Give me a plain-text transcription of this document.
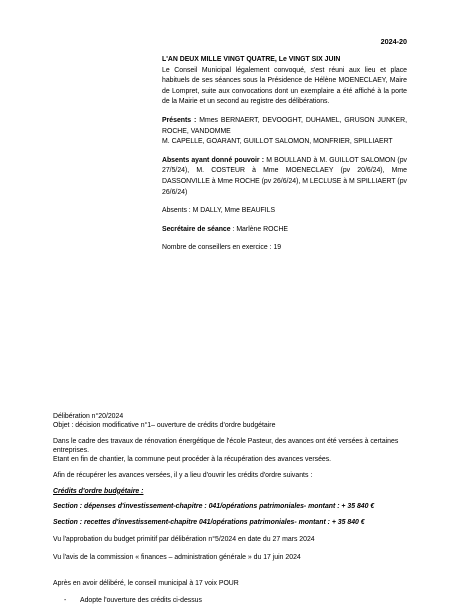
2024-20

L'AN DEUX MILLE VINGT QUATRE, Le VINGT SIX JUIN

Le Conseil Municipal légalement convoqué, s'est réuni aux lieu et place habituels de ses séances sous la Présidence de Hélène MOENECLAEY, Maire de Lompret, suite aux convocations dont un exemplaire a été affiché à la porte de la Mairie et un second au registre des délibérations.

Présents : Mmes BERNAERT, DEVOOGHT, DUHAMEL, GRUSON JUNKER, ROCHE, VANDOMME

M. CAPELLE, GOARANT, GUILLOT SALOMON, MONFRIER, SPILLIAERT

Absents ayant donné pouvoir : M BOULLAND à M. GUILLOT SALOMON (pv 27/5/24), M. COSTEUR à Mme MOENECLAEY (pv 20/6/24), Mme DASSONVILLE à Mme ROCHE (pv 26/6/24), M LECLUSE à M SPILLIAERT (pv 26/6/24)

Absents : M DALLY, Mme BEAUFILS

Secrétaire de séance : Marlène ROCHE

Nombre de conseillers en exercice : 19

Délibération n°20/2024

Objet : décision modificative n°1– ouverture de crédits d'ordre budgétaire

Dans le cadre des travaux de rénovation énergétique de l'école Pasteur, des avances ont été versées à certaines entreprises.

Etant en fin de chantier, la commune peut procéder à la récupération des avances versées.

Afin de récupérer les avances versées, il y a lieu d'ouvrir les crédits d'ordre suivants :

Crédits d'ordre budgétaire :

Section : dépenses d'investissement-chapitre : 041/opérations patrimoniales- montant : + 35 840 €

Section : recettes d'investissement-chapitre 041/opérations patrimoniales- montant : + 35 840 €

Vu l'approbation du budget primitif par délibération n°5/2024 en date du 27 mars 2024

Vu l'avis de la commission « finances – administration générale » du 17 juin 2024

Après en avoir délibéré, le conseil municipal à 17 voix POUR

-	Adopte l'ouverture des crédits ci-dessus
